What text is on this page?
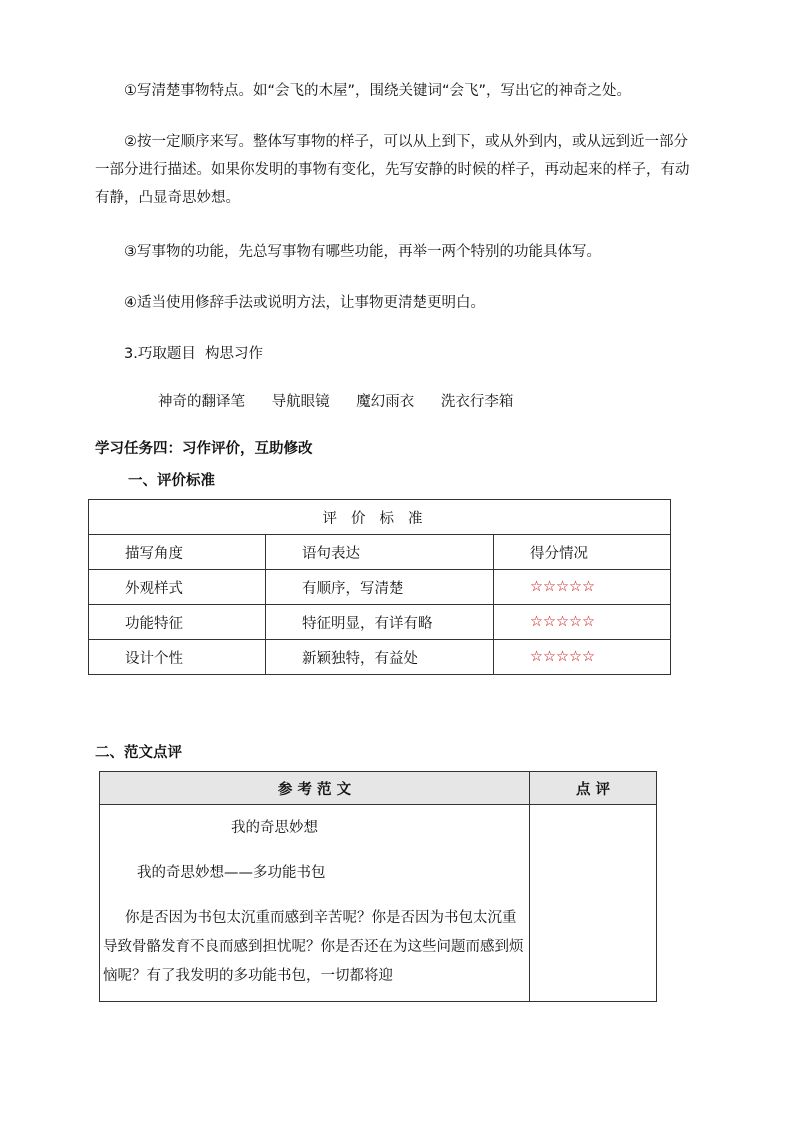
①写清楚事物特点。如“会飞的木屋”，围绕关键词“会飞”，写出它的神奇之处。

②按一定顺序来写。整体写事物的样子，可以从上到下，或从外到内，或从远到近一部分一部分进行描述。如果你发明的事物有变化，先写安静的时候的样子，再动起来的样子，有动有静，凸显奇思妙想。

③写事物的功能，先总写事物有哪些功能，再举一两个特别的功能具体写。

④适当使用修辞手法或说明方法，让事物更清楚更明白。

3.巧取题目  构思习作

神奇的翻译笔 导航眼镜 魔幻雨衣 洗衣行李箱

学习任务四：习作评价，互助修改

一、评价标准

评价标准		
描写角度	语句表达	得分情况
外观样式	有顺序，写清楚	☆☆☆☆☆
功能特征	特征明显，有详有略	☆☆☆☆☆
设计个性	新颖独特，有益处	☆☆☆☆☆

二、范文点评

参 考 范 文	点 评

我的奇思妙想

我的奇思妙想——多功能书包

你是否因为书包太沉重而感到辛苦呢？你是否因为书包太沉重导致骨骼发育不良而感到担忧呢？你是否还在为这些问题而感到烦恼呢？有了我发明的多功能书包，一切都将迎	
